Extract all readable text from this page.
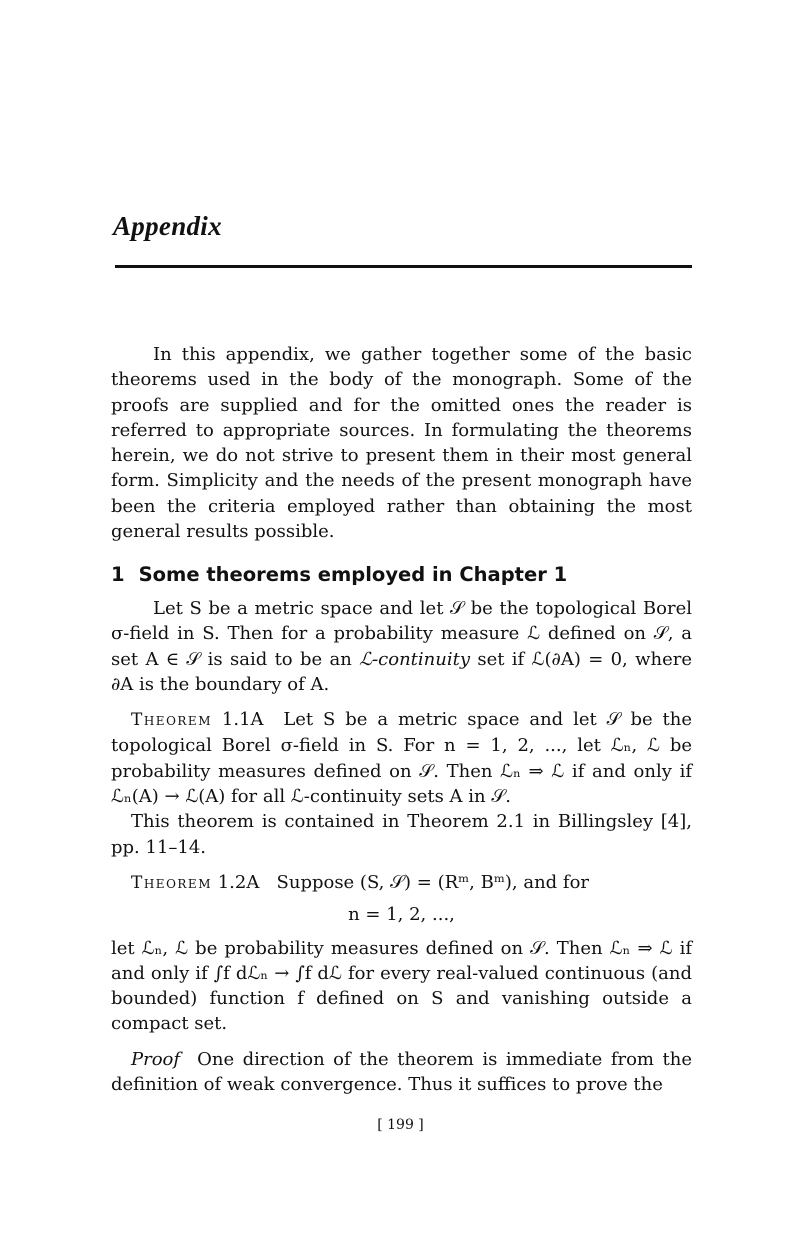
Appendix

In this appendix, we gather together some of the basic theorems used in the body of the monograph. Some of the proofs are supplied and for the omitted ones the reader is referred to appropriate sources. In formulating the theorems herein, we do not strive to present them in their most general form. Simplicity and the needs of the present monograph have been the criteria employed rather than obtaining the most general results possible.

1 Some theorems employed in Chapter 1

Let S be a metric space and let 𝒮 be the topological Borel σ-field in S. Then for a probability measure ℒ defined on 𝒮, a set A ∈ 𝒮 is said to be an ℒ-continuity set if ℒ(∂A) = 0, where ∂A is the boundary of A.

Theorem 1.1A Let S be a metric space and let 𝒮 be the topological Borel σ-field in S. For n = 1, 2, ..., let ℒₙ, ℒ be probability measures defined on 𝒮. Then ℒₙ ⇒ ℒ if and only if ℒₙ(A) → ℒ(A) for all ℒ-continuity sets A in 𝒮.

This theorem is contained in Theorem 2.1 in Billingsley [4], pp. 11–14.

Theorem 1.2A Suppose (S, 𝒮) = (Rᵐ, Bᵐ), and for

n = 1, 2, ...,

let ℒₙ, ℒ be probability measures defined on 𝒮. Then ℒₙ ⇒ ℒ if and only if ∫f dℒₙ → ∫f dℒ for every real-valued continuous (and bounded) function f defined on S and vanishing outside a compact set.

Proof One direction of the theorem is immediate from the definition of weak convergence. Thus it suffices to prove the

[ 199 ]
